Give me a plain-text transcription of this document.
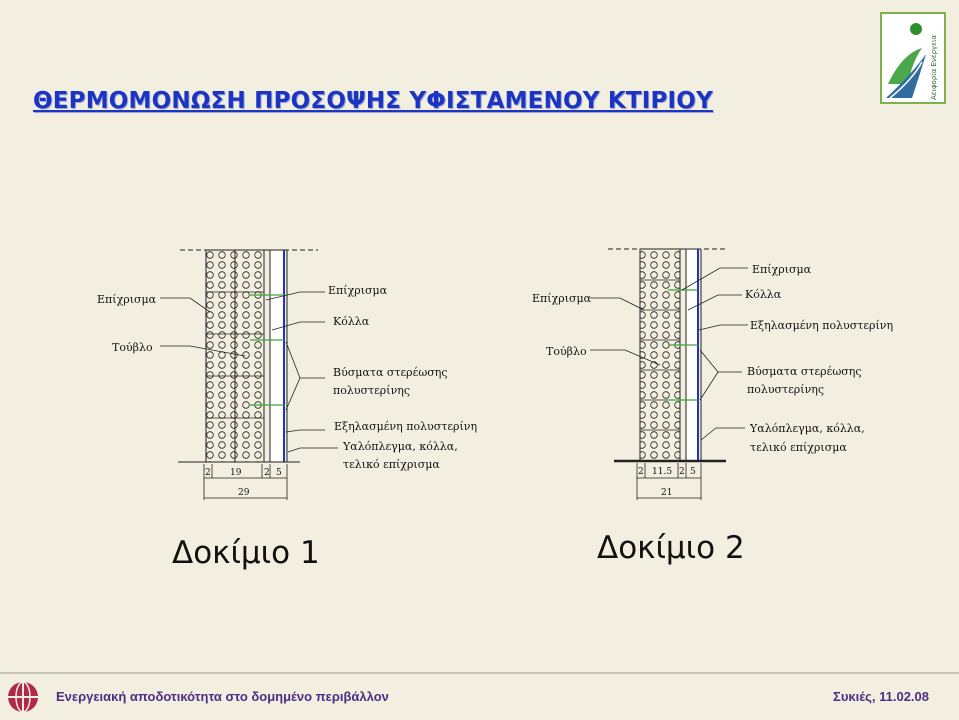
ΘΕΡΜΟΜΟΝΩΣΗ ΠΡΟΣΟΨΗΣ ΥΦΙΣΤΑΜΕΝΟΥ ΚΤΙΡΙΟΥ
Αειφορία Ενέργεια
Επίχρισμα
Τούβλο
Επίχρισμα
Κόλλα
Βύσματα στερέωσης
πολυστερίνης
Εξηλασμένη πολυστερίνη
Υαλόπλεγμα, κόλλα,
τελικό επίχρισμα
2 19	2 5
29
Επίχρισμα
Τούβλο
Επίχρισμα
Κόλλα
Εξηλασμένη πολυστερίνη
Βύσματα στερέωσης
πολυστερίνης
Υαλόπλεγμα, κόλλα,
τελικό επίχρισμα
2 11.5 2 5
21
Δοκίμιο 1	Δοκίμιο 2
Ενεργειακή αποδοτικότητα στο δομημένο περιβάλλον	Συκιές, 11.02.08
